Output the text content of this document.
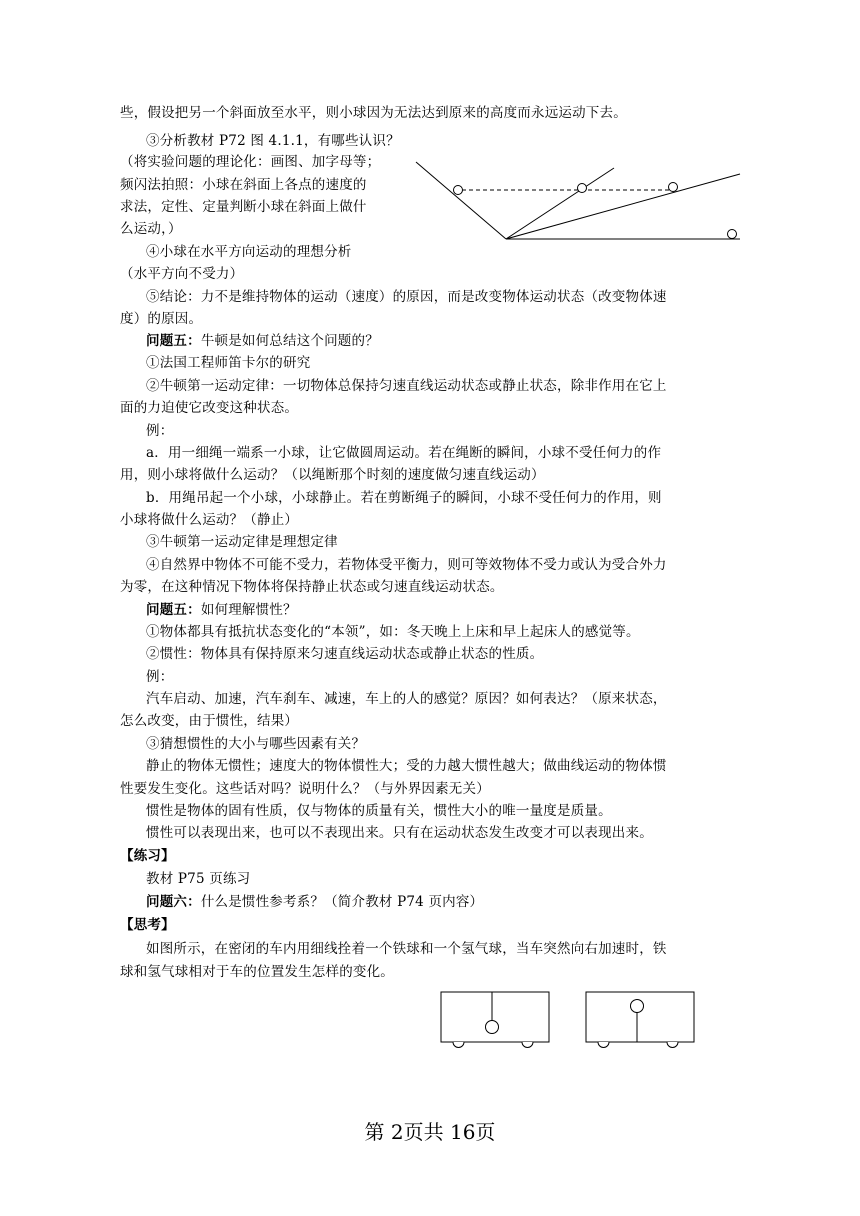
些，假设把另一个斜面放至水平，则小球因为无法达到原来的高度而永远运动下去。
③分析教材 P72 图 4.1.1，有哪些认识？
（将实验问题的理论化：画图、加字母等；
频闪法拍照：小球在斜面上各点的速度的
求法，定性、定量判断小球在斜面上做什
么运动，）
④小球在水平方向运动的理想分析
（水平方向不受力）
⑤结论：力不是维持物体的运动（速度）的原因，而是改变物体运动状态（改变物体速
度）的原因。
问题五：牛顿是如何总结这个问题的？
①法国工程师笛卡尔的研究
②牛顿第一运动定律：一切物体总保持匀速直线运动状态或静止状态，除非作用在它上
面的力迫使它改变这种状态。
例：
a．用一细绳一端系一小球，让它做圆周运动。若在绳断的瞬间，小球不受任何力的作
用，则小球将做什么运动？（以绳断那个时刻的速度做匀速直线运动）
b．用绳吊起一个小球，小球静止。若在剪断绳子的瞬间，小球不受任何力的作用，则
小球将做什么运动？（静止）
③牛顿第一运动定律是理想定律
④自然界中物体不可能不受力，若物体受平衡力，则可等效物体不受力或认为受合外力
为零，在这种情况下物体将保持静止状态或匀速直线运动状态。
问题五：如何理解惯性？
①物体都具有抵抗状态变化的“本领”，如：冬天晚上上床和早上起床人的感觉等。
②惯性：物体具有保持原来匀速直线运动状态或静止状态的性质。
例：
汽车启动、加速，汽车刹车、减速，车上的人的感觉？原因？如何表达？（原来状态，
怎么改变，由于惯性，结果）
③猜想惯性的大小与哪些因素有关？
静止的物体无惯性；速度大的物体惯性大；受的力越大惯性越大；做曲线运动的物体惯
性要发生变化。这些话对吗？说明什么？（与外界因素无关）
惯性是物体的固有性质，仅与物体的质量有关，惯性大小的唯一量度是质量。
惯性可以表现出来，也可以不表现出来。只有在运动状态发生改变才可以表现出来。
【练习】
教材 P75 页练习
问题六：什么是惯性参考系？（简介教材 P74 页内容）
【思考】
如图所示，在密闭的车内用细线拴着一个铁球和一个氢气球，当车突然向右加速时，铁
球和氢气球相对于车的位置发生怎样的变化。
第 2页共 16页
